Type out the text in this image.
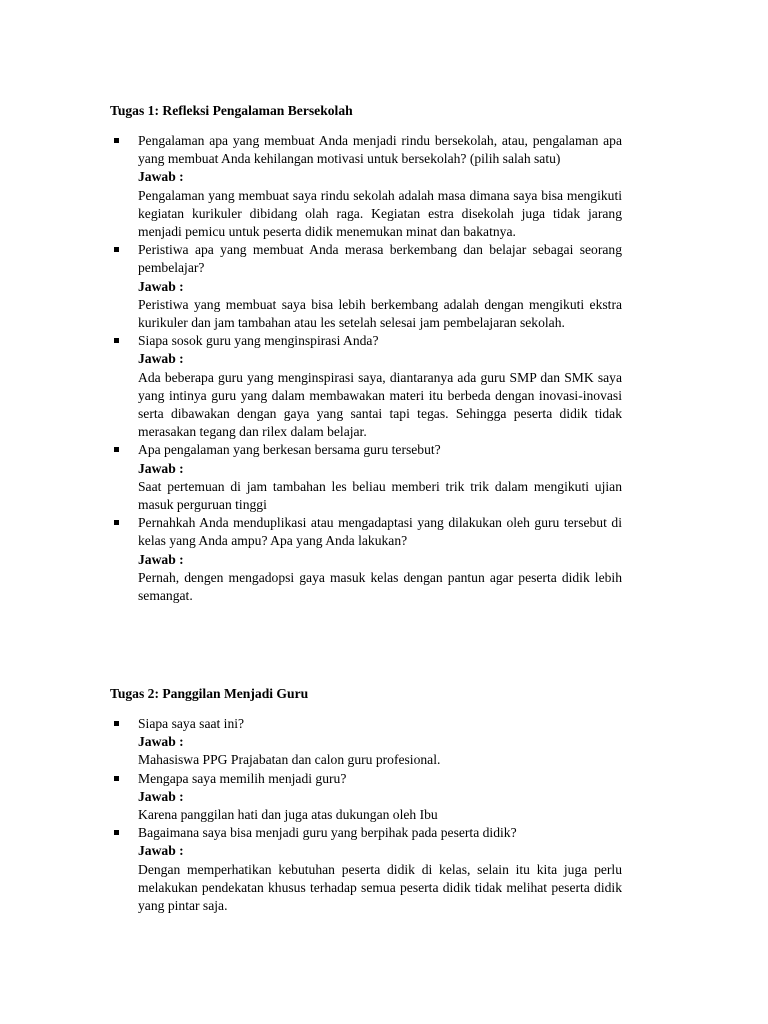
Tugas 1: Refleksi Pengalaman Bersekolah

Pengalaman apa yang membuat Anda menjadi rindu bersekolah, atau, pengalaman apa yang membuat Anda kehilangan motivasi untuk bersekolah? (pilih salah satu)

Jawab :

Pengalaman yang membuat saya rindu sekolah adalah masa dimana saya bisa mengikuti kegiatan kurikuler dibidang olah raga. Kegiatan estra disekolah juga tidak jarang menjadi pemicu untuk peserta didik menemukan minat dan bakatnya.

Peristiwa apa yang membuat Anda merasa berkembang dan belajar sebagai seorang pembelajar?

Jawab :

Peristiwa yang membuat saya bisa lebih berkembang adalah dengan mengikuti ekstra kurikuler dan jam tambahan atau les setelah selesai jam pembelajaran sekolah.

Siapa sosok guru yang menginspirasi Anda?

Jawab :

Ada beberapa guru yang menginspirasi saya, diantaranya ada guru SMP dan SMK saya yang intinya guru yang dalam membawakan materi itu berbeda dengan inovasi-inovasi serta dibawakan dengan gaya yang santai tapi tegas. Sehingga peserta didik tidak merasakan tegang dan rilex dalam belajar.

Apa pengalaman yang berkesan bersama guru tersebut?

Jawab :

Saat pertemuan di jam tambahan les beliau memberi trik trik dalam mengikuti ujian masuk perguruan tinggi

Pernahkah Anda menduplikasi atau mengadaptasi yang dilakukan oleh guru tersebut di kelas yang Anda ampu? Apa yang Anda lakukan?

Jawab :

Pernah, dengen mengadopsi gaya masuk kelas dengan pantun agar peserta didik lebih semangat.

Tugas 2: Panggilan Menjadi Guru

Siapa saya saat ini?

Jawab :

Mahasiswa PPG Prajabatan dan calon guru profesional.

Mengapa saya memilih menjadi guru?

Jawab :

Karena panggilan hati dan juga atas dukungan oleh Ibu

Bagaimana saya bisa menjadi guru yang berpihak pada peserta didik?

Jawab :

Dengan memperhatikan kebutuhan peserta didik di kelas, selain itu kita juga perlu melakukan pendekatan khusus terhadap semua peserta didik tidak melihat peserta didik yang pintar saja.
